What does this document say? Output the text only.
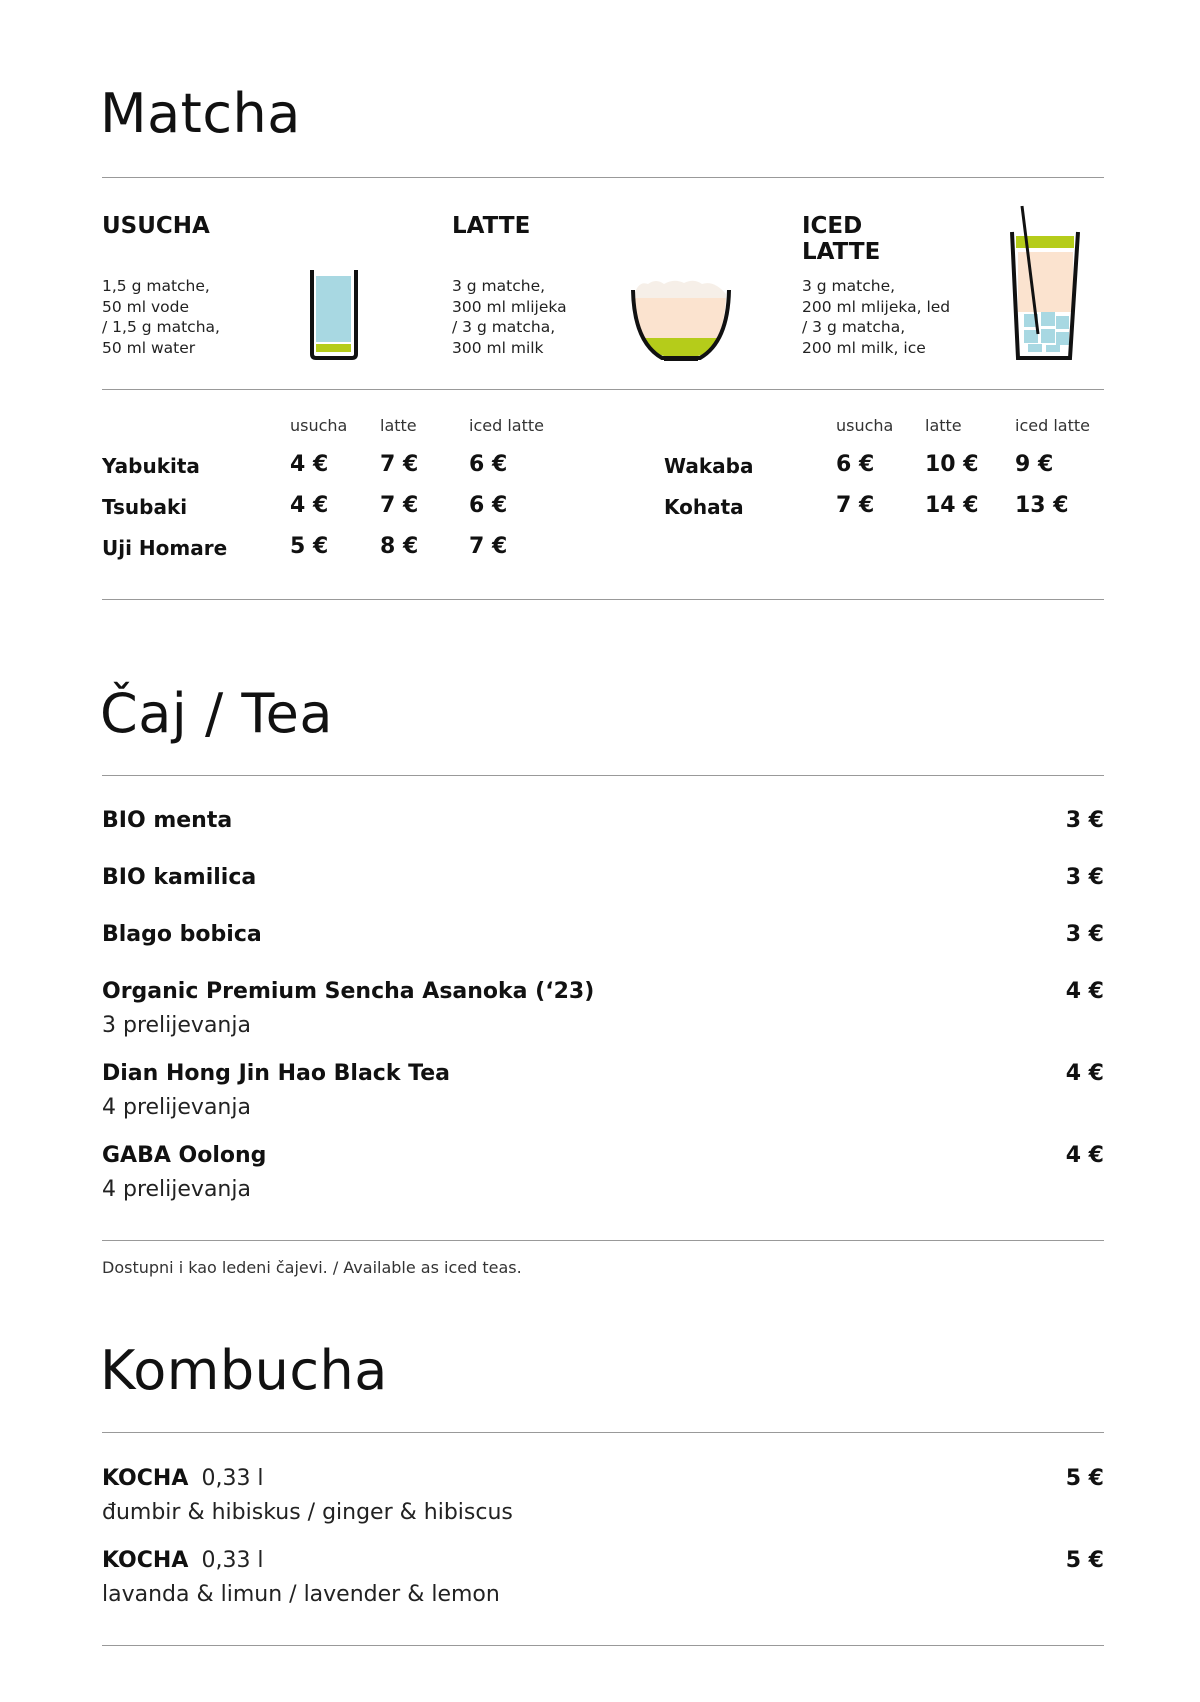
Matcha
USUCHA
1,5 g matche,
50 ml vode
/ 1,5 g matcha,
50 ml water
LATTE
3 g matche,
300 ml mlijeka
/ 3 g matcha,
300 ml milk
ICED
LATTE
3 g matche,
200 ml mlijeka, led
/ 3 g matcha,
200 ml milk, ice
usucha latte	iced latte	usucha latte	iced latte
Yabukita	4 € 7 € 6 €
Tsubaki	4 € 7 € 6 €
Uji Homare	5 € 8 € 7 €
Wakaba	6 € 10 € 9 €
Kohata	7 € 14 € 13 €
Čaj / Tea
BIO menta	3 €
BIO kamilica	3 €
Blago bobica	3 €
Organic Premium Sencha Asanoka (‘23)
3 prelijevanja
4 €
Dian Hong Jin Hao Black Tea
4 prelijevanja
4 €
GABA Oolong
4 prelijevanja
4 €
Dostupni i kao ledeni čajevi. / Available as iced teas.
Kombucha
KOCHA 0,33 l
đumbir & hibiskus / ginger & hibiscus
5 €
KOCHA 0,33 l
lavanda & limun / lavender & lemon
5 €
